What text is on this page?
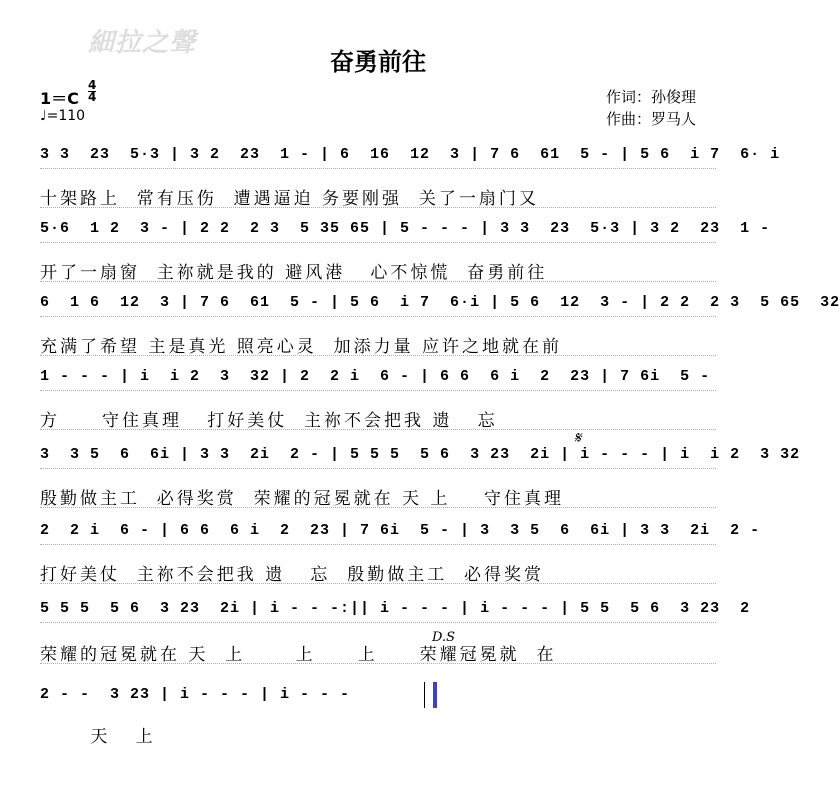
細拉之聲
奋勇前往
$1=C \frac{4}{4}$
♩=110
作词：孙俊理
作曲：罗马人
3 3  23  5·3 | 3 2  23  1 - | 6  16  12  3 | 7 6  61  5 - | 5 6  i 7  6· i
十架路上  常有压伤  遭遇逼迫 务要刚强  关了一扇门又
5·6  1 2  3 - | 2 2  2 3  5 35 65 | 5 - - - | 3 3  23  5·3 | 3 2  23  1 -
开了一扇窗  主祢就是我的 避风港   心不惊慌  奋勇前往
6  1 6  12  3 | 7 6  61  5 - | 5 6  i 7  6·i | 5 6  12  3 - | 2 2  2 3  5 65  32
充满了希望 主是真光 照亮心灵  加添力量 应许之地就在前
1 - - - | i  i 2  3  32 | 2  2 i  6 - | 6 6  6 i  2  23 | 7 6i  5 -
方     守住真理   打好美仗  主祢不会把我 遗   忘
𝄋
3  3 5  6  6i | 3 3  2i  2 - | 5 5 5  5 6  3 23  2i | i - - - | i  i 2  3 32
殷勤做主工  必得奖赏  荣耀的冠冕就在 天 上    守住真理
2  2 i  6 - | 6 6  6 i  2  23 | 7 6i  5 - | 3  3 5  6  6i | 3 3  2i  2 -
打好美仗  主祢不会把我 遗   忘  殷勤做主工  必得奖赏
5 5 5  5 6  3 23  2i | i - - -:|| i - - - | i - - - | 5 5  5 6  3 23  2
D.S
荣耀的冠冕就在 天  上      上     上     荣耀冠冕就  在
2 - -  3 23 | i - - - | i - - -
天   上
